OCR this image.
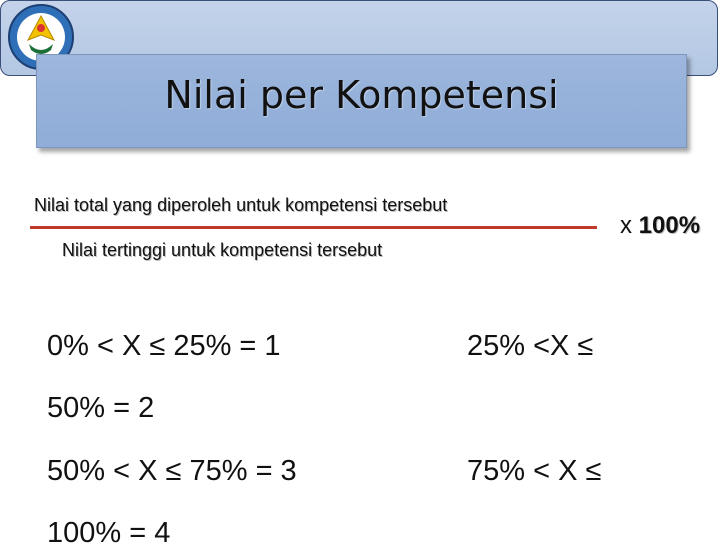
Nilai per Kompetensi
Nilai total yang diperoleh untuk kompetensi tersebut
Nilai tertinggi untuk kompetensi tersebut
x 100%
0% < X ≤ 25% = 1	25% <X ≤
50% = 2
50% < X ≤ 75% = 3	75% < X ≤
100% = 4
